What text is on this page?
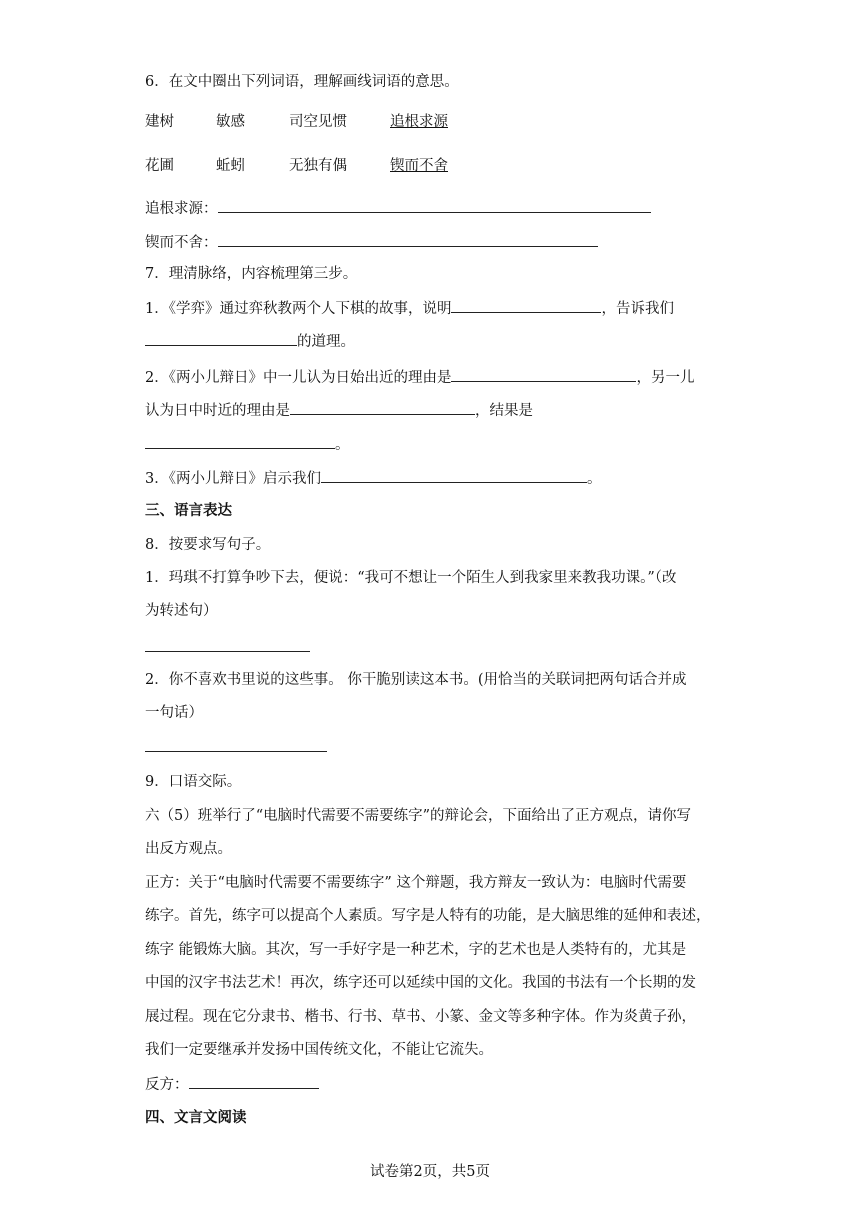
6．在文中圈出下列词语，理解画线词语的意思。
建树	敏感	司空见惯	追根求源
花圃	蚯蚓	无独有偶	锲而不舍
追根求源：
锲而不舍：
7．理清脉络，内容梳理第三步。
1．《学弈》通过弈秋教两个人下棋的故事，说明	，告诉我们
的道理。
2．《两小儿辩日》中一儿认为日始出近的理由是	，另一儿
认为日中时近的理由是	，结果是
。
3．《两小儿辩日》启示我们	。
三、语言表达
8．按要求写句子。
1．玛琪不打算争吵下去，便说：“我可不想让一个陌生人到我家里来教我功课。”（改
为转述句）
2．你不喜欢书里说的这些事。 你干脆别读这本书。(用恰当的关联词把两句话合并成
一句话）
9．口语交际。
六（5）班举行了“电脑时代需要不需要练字”的辩论会，下面给出了正方观点，请你写
出反方观点。
正方：关于“电脑时代需要不需要练字” 这个辩题，我方辩友一致认为：电脑时代需要
练字。首先，练字可以提高个人素质。写字是人特有的功能，是大脑思维的延伸和表述，
练字 能锻炼大脑。其次，写一手好字是一种艺术，字的艺术也是人类特有的，尤其是
中国的汉字书法艺术！再次，练字还可以延续中国的文化。我国的书法有一个长期的发
展过程。现在它分隶书、楷书、行书、草书、小篆、金文等多种字体。作为炎黄子孙，
我们一定要继承并发扬中国传统文化，不能让它流失。
反方：
四、文言文阅读
试卷第2页，共5页
